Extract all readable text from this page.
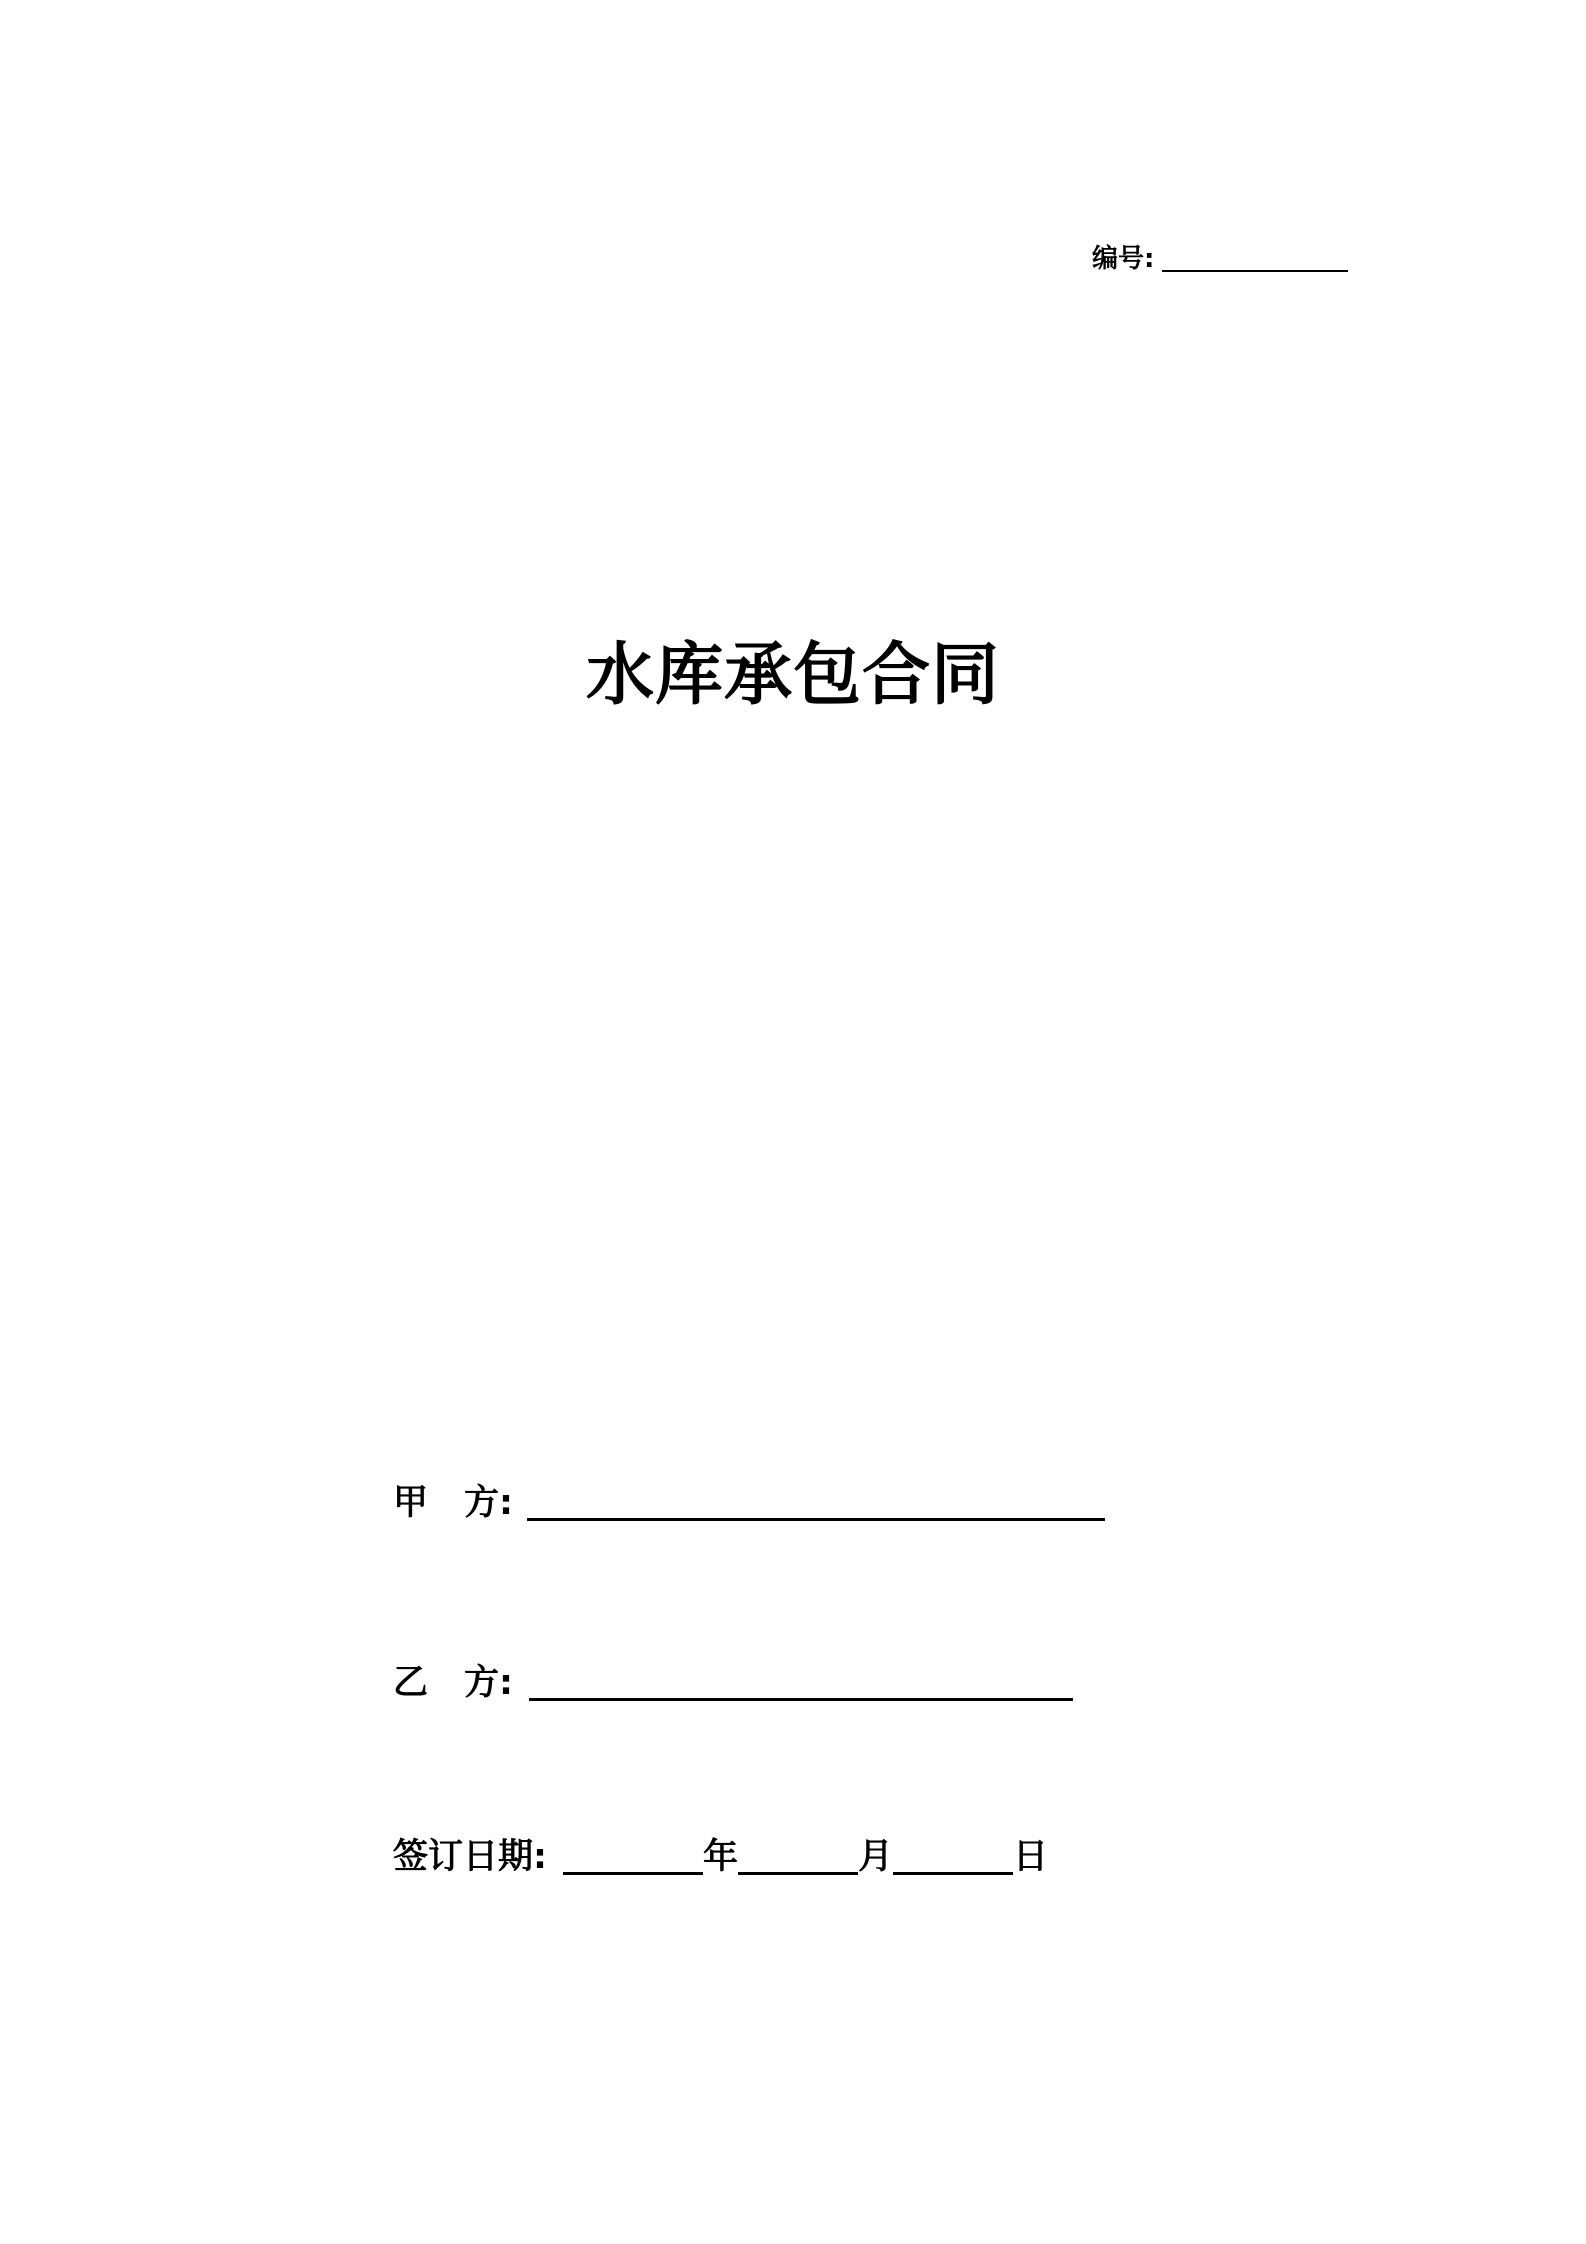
编号:
水库承包合同
甲 方:
乙 方:
签订日期:	年	月	日
